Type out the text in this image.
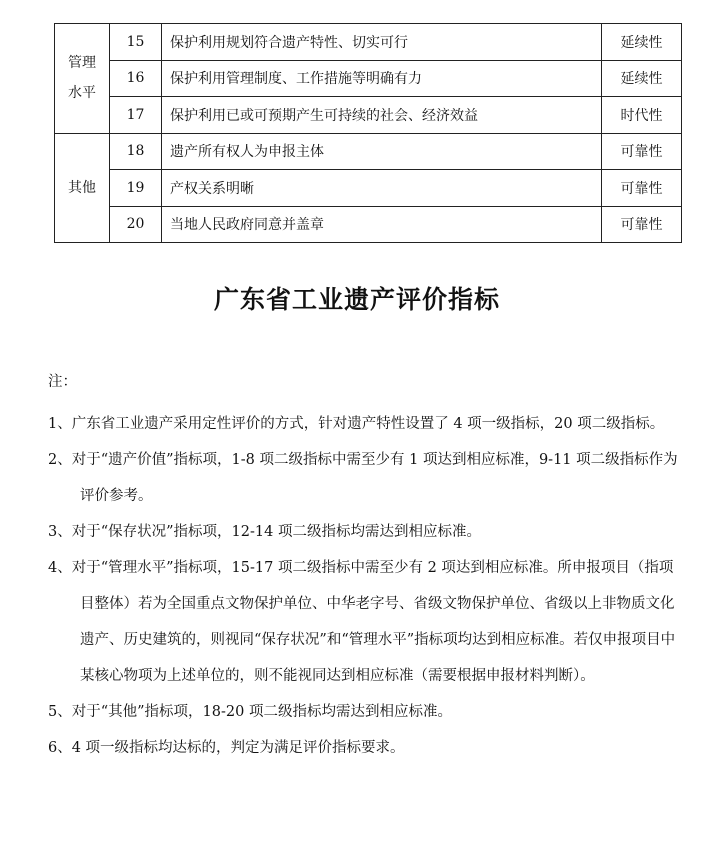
管理
水平	15	保护利用规划符合遗产特性、切实可行	延续性
	16	保护利用管理制度、工作措施等明确有力	延续性
	17	保护利用已或可预期产生可持续的社会、经济效益	时代性
其他	18	遗产所有权人为申报主体	可靠性
	19	产权关系明晰	可靠性
	20	当地人民政府同意并盖章	可靠性
广东省工业遗产评价指标
注：
1、广东省工业遗产采用定性评价的方式，针对遗产特性设置了 4 项一级指标，20 项二级指标。
2、对于“遗产价值”指标项，1-8 项二级指标中需至少有 1 项达到相应标准，9-11 项二级指标作为评价参考。
3、对于“保存状况”指标项，12-14 项二级指标均需达到相应标准。
4、对于“管理水平”指标项，15-17 项二级指标中需至少有 2 项达到相应标准。所申报项目（指项目整体）若为全国重点文物保护单位、中华老字号、省级文物保护单位、省级以上非物质文化遗产、历史建筑的，则视同“保存状况”和“管理水平”指标项均达到相应标准。若仅申报项目中某核心物项为上述单位的，则不能视同达到相应标准（需要根据申报材料判断）。
5、对于“其他”指标项，18-20 项二级指标均需达到相应标准。
6、4 项一级指标均达标的，判定为满足评价指标要求。
